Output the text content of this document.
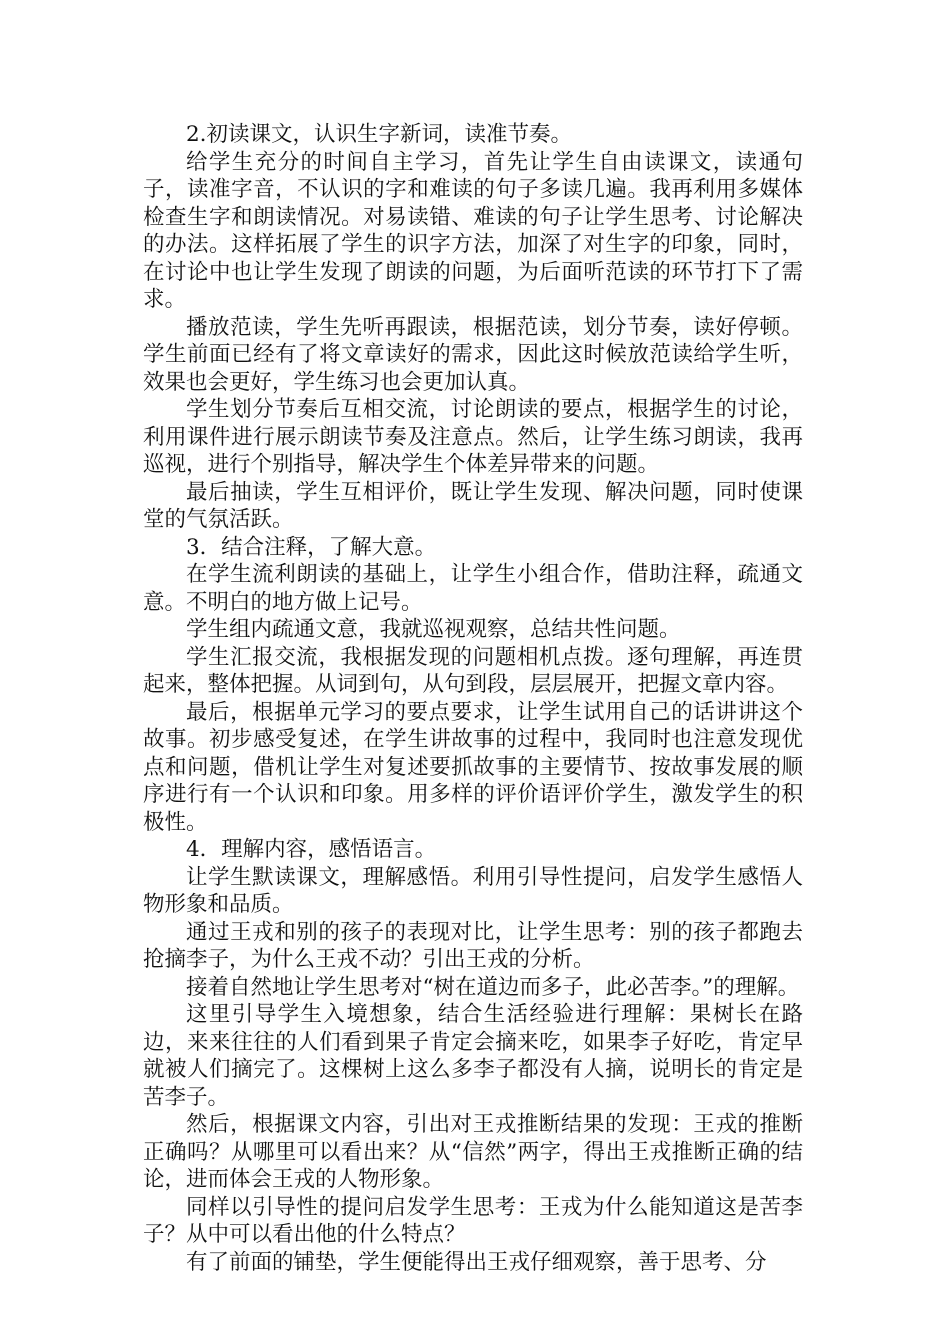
2.初读课文，认识生字新词，读准节奏。

给学生充分的时间自主学习，首先让学生自由读课文，读通句子，读准字音，不认识的字和难读的句子多读几遍。我再利用多媒体检查生字和朗读情况。对易读错、难读的句子让学生思考、讨论解决的办法。这样拓展了学生的识字方法，加深了对生字的印象，同时，在讨论中也让学生发现了朗读的问题，为后面听范读的环节打下了需求。

播放范读，学生先听再跟读，根据范读，划分节奏，读好停顿。学生前面已经有了将文章读好的需求，因此这时候放范读给学生听，效果也会更好，学生练习也会更加认真。

学生划分节奏后互相交流，讨论朗读的要点，根据学生的讨论，利用课件进行展示朗读节奏及注意点。然后，让学生练习朗读，我再巡视，进行个别指导，解决学生个体差异带来的问题。

最后抽读，学生互相评价，既让学生发现、解决问题，同时使课堂的气氛活跃。

3．结合注释，了解大意。

在学生流利朗读的基础上，让学生小组合作，借助注释，疏通文意。不明白的地方做上记号。

学生组内疏通文意，我就巡视观察，总结共性问题。

学生汇报交流，我根据发现的问题相机点拨。逐句理解，再连贯起来，整体把握。从词到句，从句到段，层层展开，把握文章内容。

最后，根据单元学习的要点要求，让学生试用自己的话讲讲这个故事。初步感受复述，在学生讲故事的过程中，我同时也注意发现优点和问题，借机让学生对复述要抓故事的主要情节、按故事发展的顺序进行有一个认识和印象。用多样的评价语评价学生，激发学生的积极性。

4．理解内容，感悟语言。

让学生默读课文，理解感悟。利用引导性提问，启发学生感悟人物形象和品质。

通过王戎和别的孩子的表现对比，让学生思考：别的孩子都跑去抢摘李子，为什么王戎不动？引出王戎的分析。

接着自然地让学生思考对“树在道边而多子，此必苦李。”的理解。

这里引导学生入境想象，结合生活经验进行理解：果树长在路边，来来往往的人们看到果子肯定会摘来吃，如果李子好吃，肯定早就被人们摘完了。这棵树上这么多李子都没有人摘，说明长的肯定是苦李子。

然后，根据课文内容，引出对王戎推断结果的发现：王戎的推断正确吗？从哪里可以看出来？从“信然”两字，得出王戎推断正确的结论，进而体会王戎的人物形象。

同样以引导性的提问启发学生思考：王戎为什么能知道这是苦李子？从中可以看出他的什么特点？

有了前面的铺垫，学生便能得出王戎仔细观察，善于思考、分
